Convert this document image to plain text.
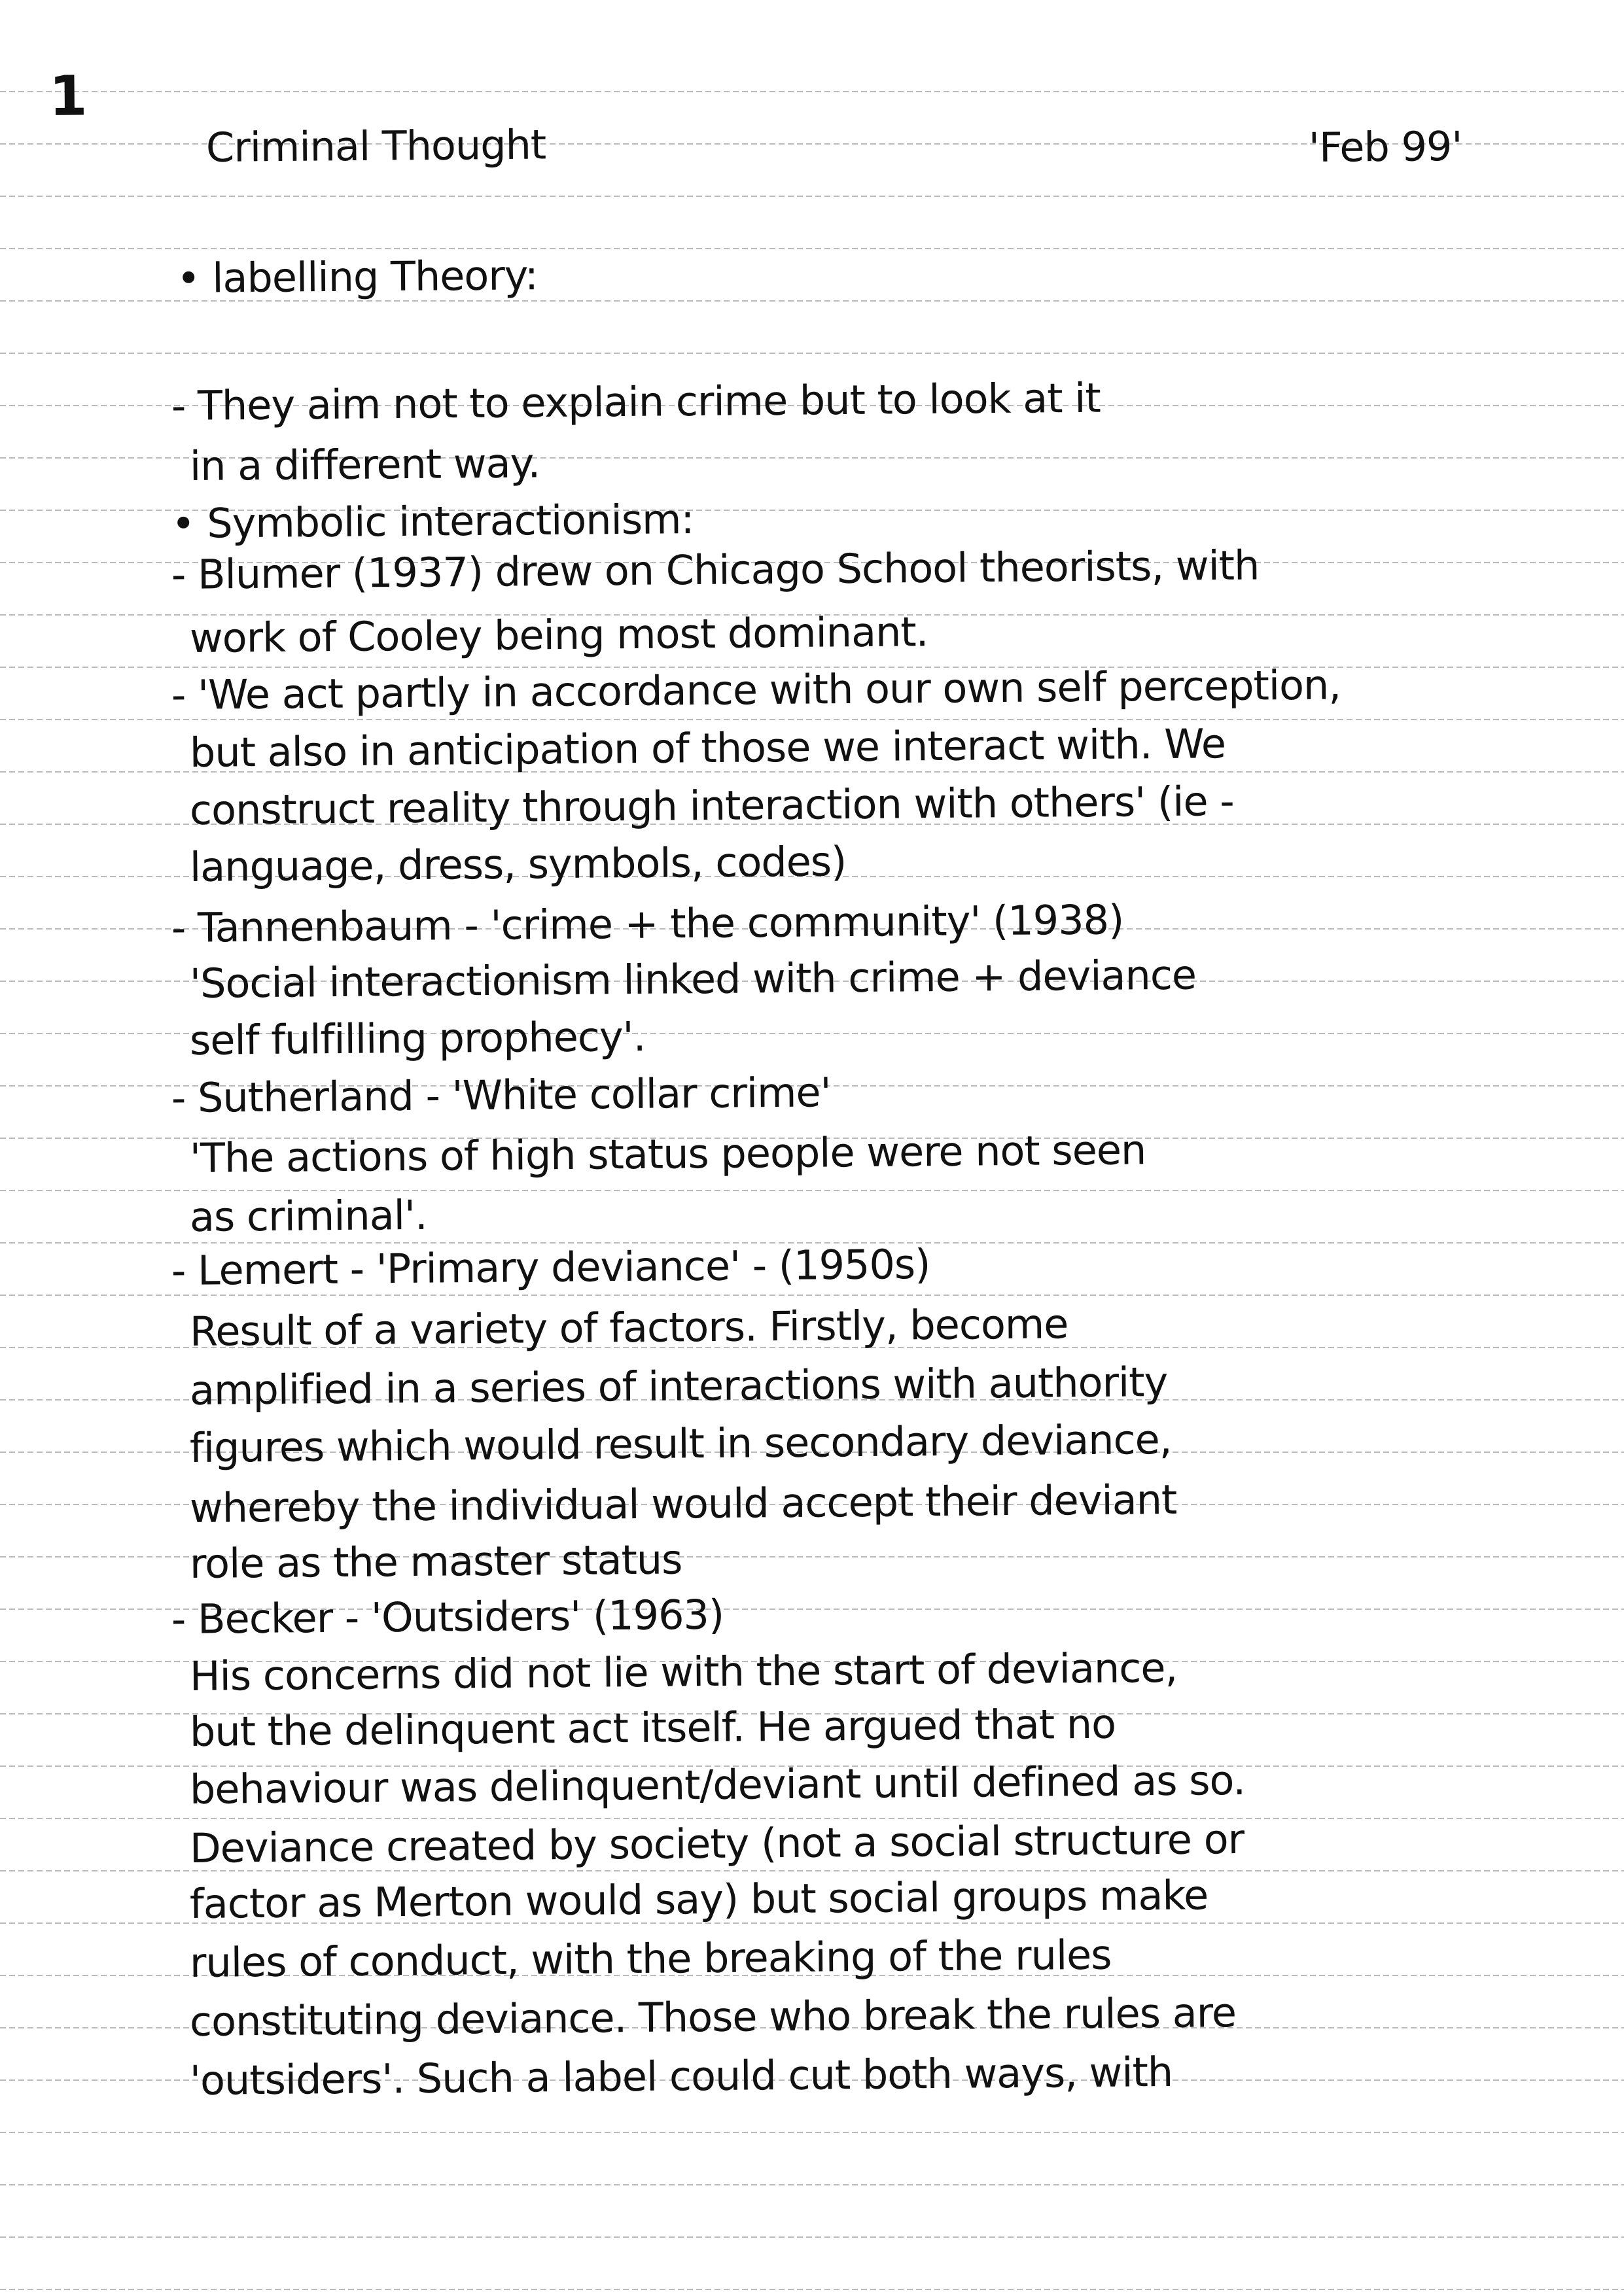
1

Criminal Thought	'Feb 99'

• labelling Theory:

- They aim not to explain crime but to look at it

in a different way.

• Symbolic interactionism:

- Blumer (1937) drew on Chicago School theorists, with

work of Cooley being most dominant.

- 'We act partly in accordance with our own self perception,

but also in anticipation of those we interact with. We

construct reality through interaction with others' (ie -

language, dress, symbols, codes)

- Tannenbaum - 'crime + the community' (1938)

'Social interactionism linked with crime + deviance

self fulfilling prophecy'.

- Sutherland - 'White collar crime'

'The actions of high status people were not seen

as criminal'.

- Lemert - 'Primary deviance' - (1950s)

Result of a variety of factors. Firstly, become

amplified in a series of interactions with authority

figures which would result in secondary deviance,

whereby the individual would accept their deviant

role as the master status

- Becker - 'Outsiders' (1963)

His concerns did not lie with the start of deviance,

but the delinquent act itself. He argued that no

behaviour was delinquent/deviant until defined as so.

Deviance created by society (not a social structure or

factor as Merton would say) but social groups make

rules of conduct, with the breaking of the rules

constituting deviance. Those who break the rules are

'outsiders'. Such a label could cut both ways, with
